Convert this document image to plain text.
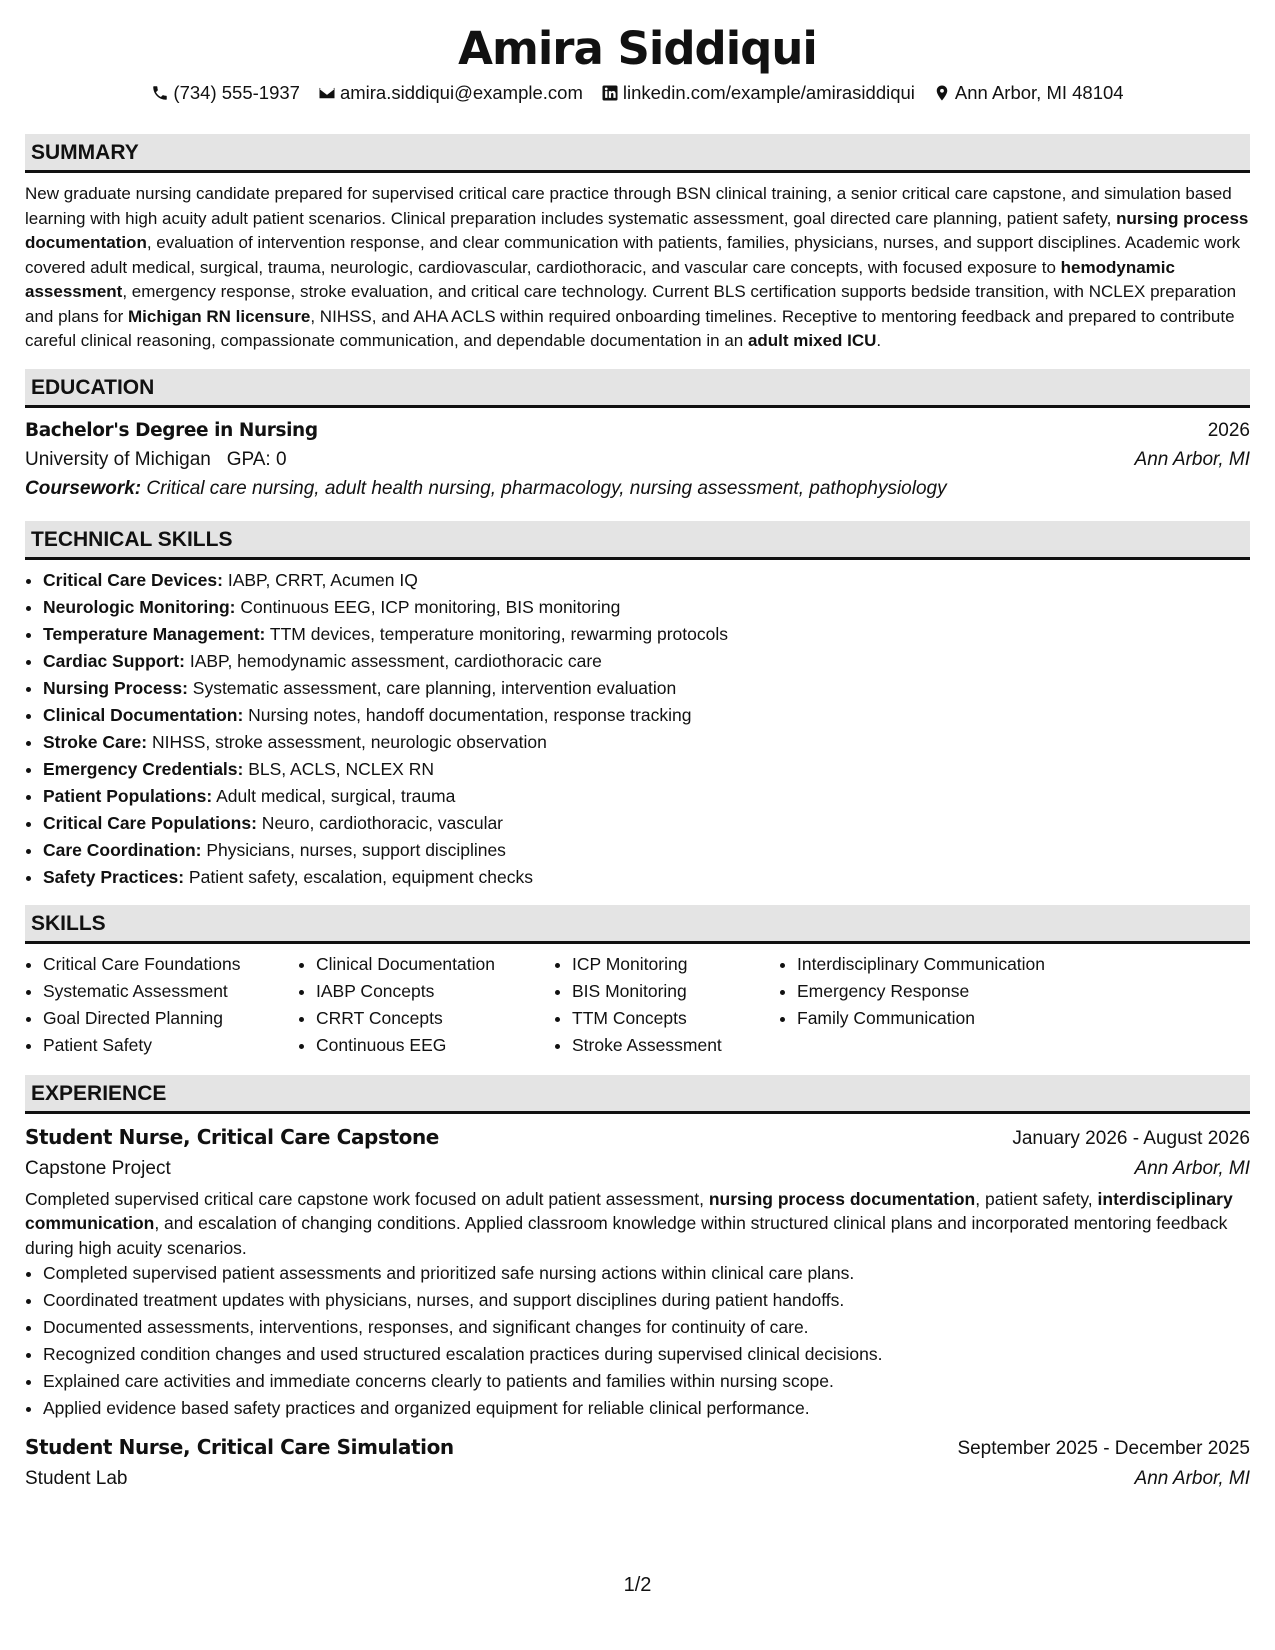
Amira Siddiqui
(734) 555-1937 amira.siddiqui@example.com linkedin.com/example/amirasiddiqui Ann Arbor, MI 48104
SUMMARY

New graduate nursing candidate prepared for supervised critical care practice through BSN clinical training, a senior critical care capstone, and simulation based learning with high acuity adult patient scenarios. Clinical preparation includes systematic assessment, goal directed care planning, patient safety, nursing process documentation, evaluation of intervention response, and clear communication with patients, families, physicians, nurses, and support disciplines. Academic work covered adult medical, surgical, trauma, neurologic, cardiovascular, cardiothoracic, and vascular care concepts, with focused exposure to hemodynamic assessment, emergency response, stroke evaluation, and critical care technology. Current BLS certification supports bedside transition, with NCLEX preparation and plans for Michigan RN licensure, NIHSS, and AHA ACLS within required onboarding timelines. Receptive to mentoring feedback and prepared to contribute careful clinical reasoning, compassionate communication, and dependable documentation in an adult mixed ICU.

EDUCATION
Bachelor's Degree in Nursing	2026
University of Michigan GPA: 0	Ann Arbor, MI
Coursework: Critical care nursing, adult health nursing, pharmacology, nursing assessment, pathophysiology
TECHNICAL SKILLS
• Critical Care Devices: IABP, CRRT, Acumen IQ
• Neurologic Monitoring: Continuous EEG, ICP monitoring, BIS monitoring
• Temperature Management: TTM devices, temperature monitoring, rewarming protocols
• Cardiac Support: IABP, hemodynamic assessment, cardiothoracic care
• Nursing Process: Systematic assessment, care planning, intervention evaluation
• Clinical Documentation: Nursing notes, handoff documentation, response tracking
• Stroke Care: NIHSS, stroke assessment, neurologic observation
• Emergency Credentials: BLS, ACLS, NCLEX RN
• Patient Populations: Adult medical, surgical, trauma
• Critical Care Populations: Neuro, cardiothoracic, vascular
• Care Coordination: Physicians, nurses, support disciplines
• Safety Practices: Patient safety, escalation, equipment checks
SKILLS
• Critical Care Foundations
• Systematic Assessment
• Goal Directed Planning
• Patient Safety
• Clinical Documentation
• IABP Concepts
• CRRT Concepts
• Continuous EEG
• ICP Monitoring
• BIS Monitoring
• TTM Concepts
• Stroke Assessment
• Interdisciplinary Communication
• Emergency Response
• Family Communication
EXPERIENCE
Student Nurse, Critical Care Capstone	January 2026 - August 2026
Capstone Project	Ann Arbor, MI
Completed supervised critical care capstone work focused on adult patient assessment, nursing process documentation, patient safety, interdisciplinary communication, and escalation of changing conditions. Applied classroom knowledge within structured clinical plans and incorporated mentoring feedback during high acuity scenarios.
• Completed supervised patient assessments and prioritized safe nursing actions within clinical care plans.
• Coordinated treatment updates with physicians, nurses, and support disciplines during patient handoffs.
• Documented assessments, interventions, responses, and significant changes for continuity of care.
• Recognized condition changes and used structured escalation practices during supervised clinical decisions.
• Explained care activities and immediate concerns clearly to patients and families within nursing scope.
• Applied evidence based safety practices and organized equipment for reliable clinical performance.
Student Nurse, Critical Care Simulation	September 2025 - December 2025
Student Lab	Ann Arbor, MI
1/2
